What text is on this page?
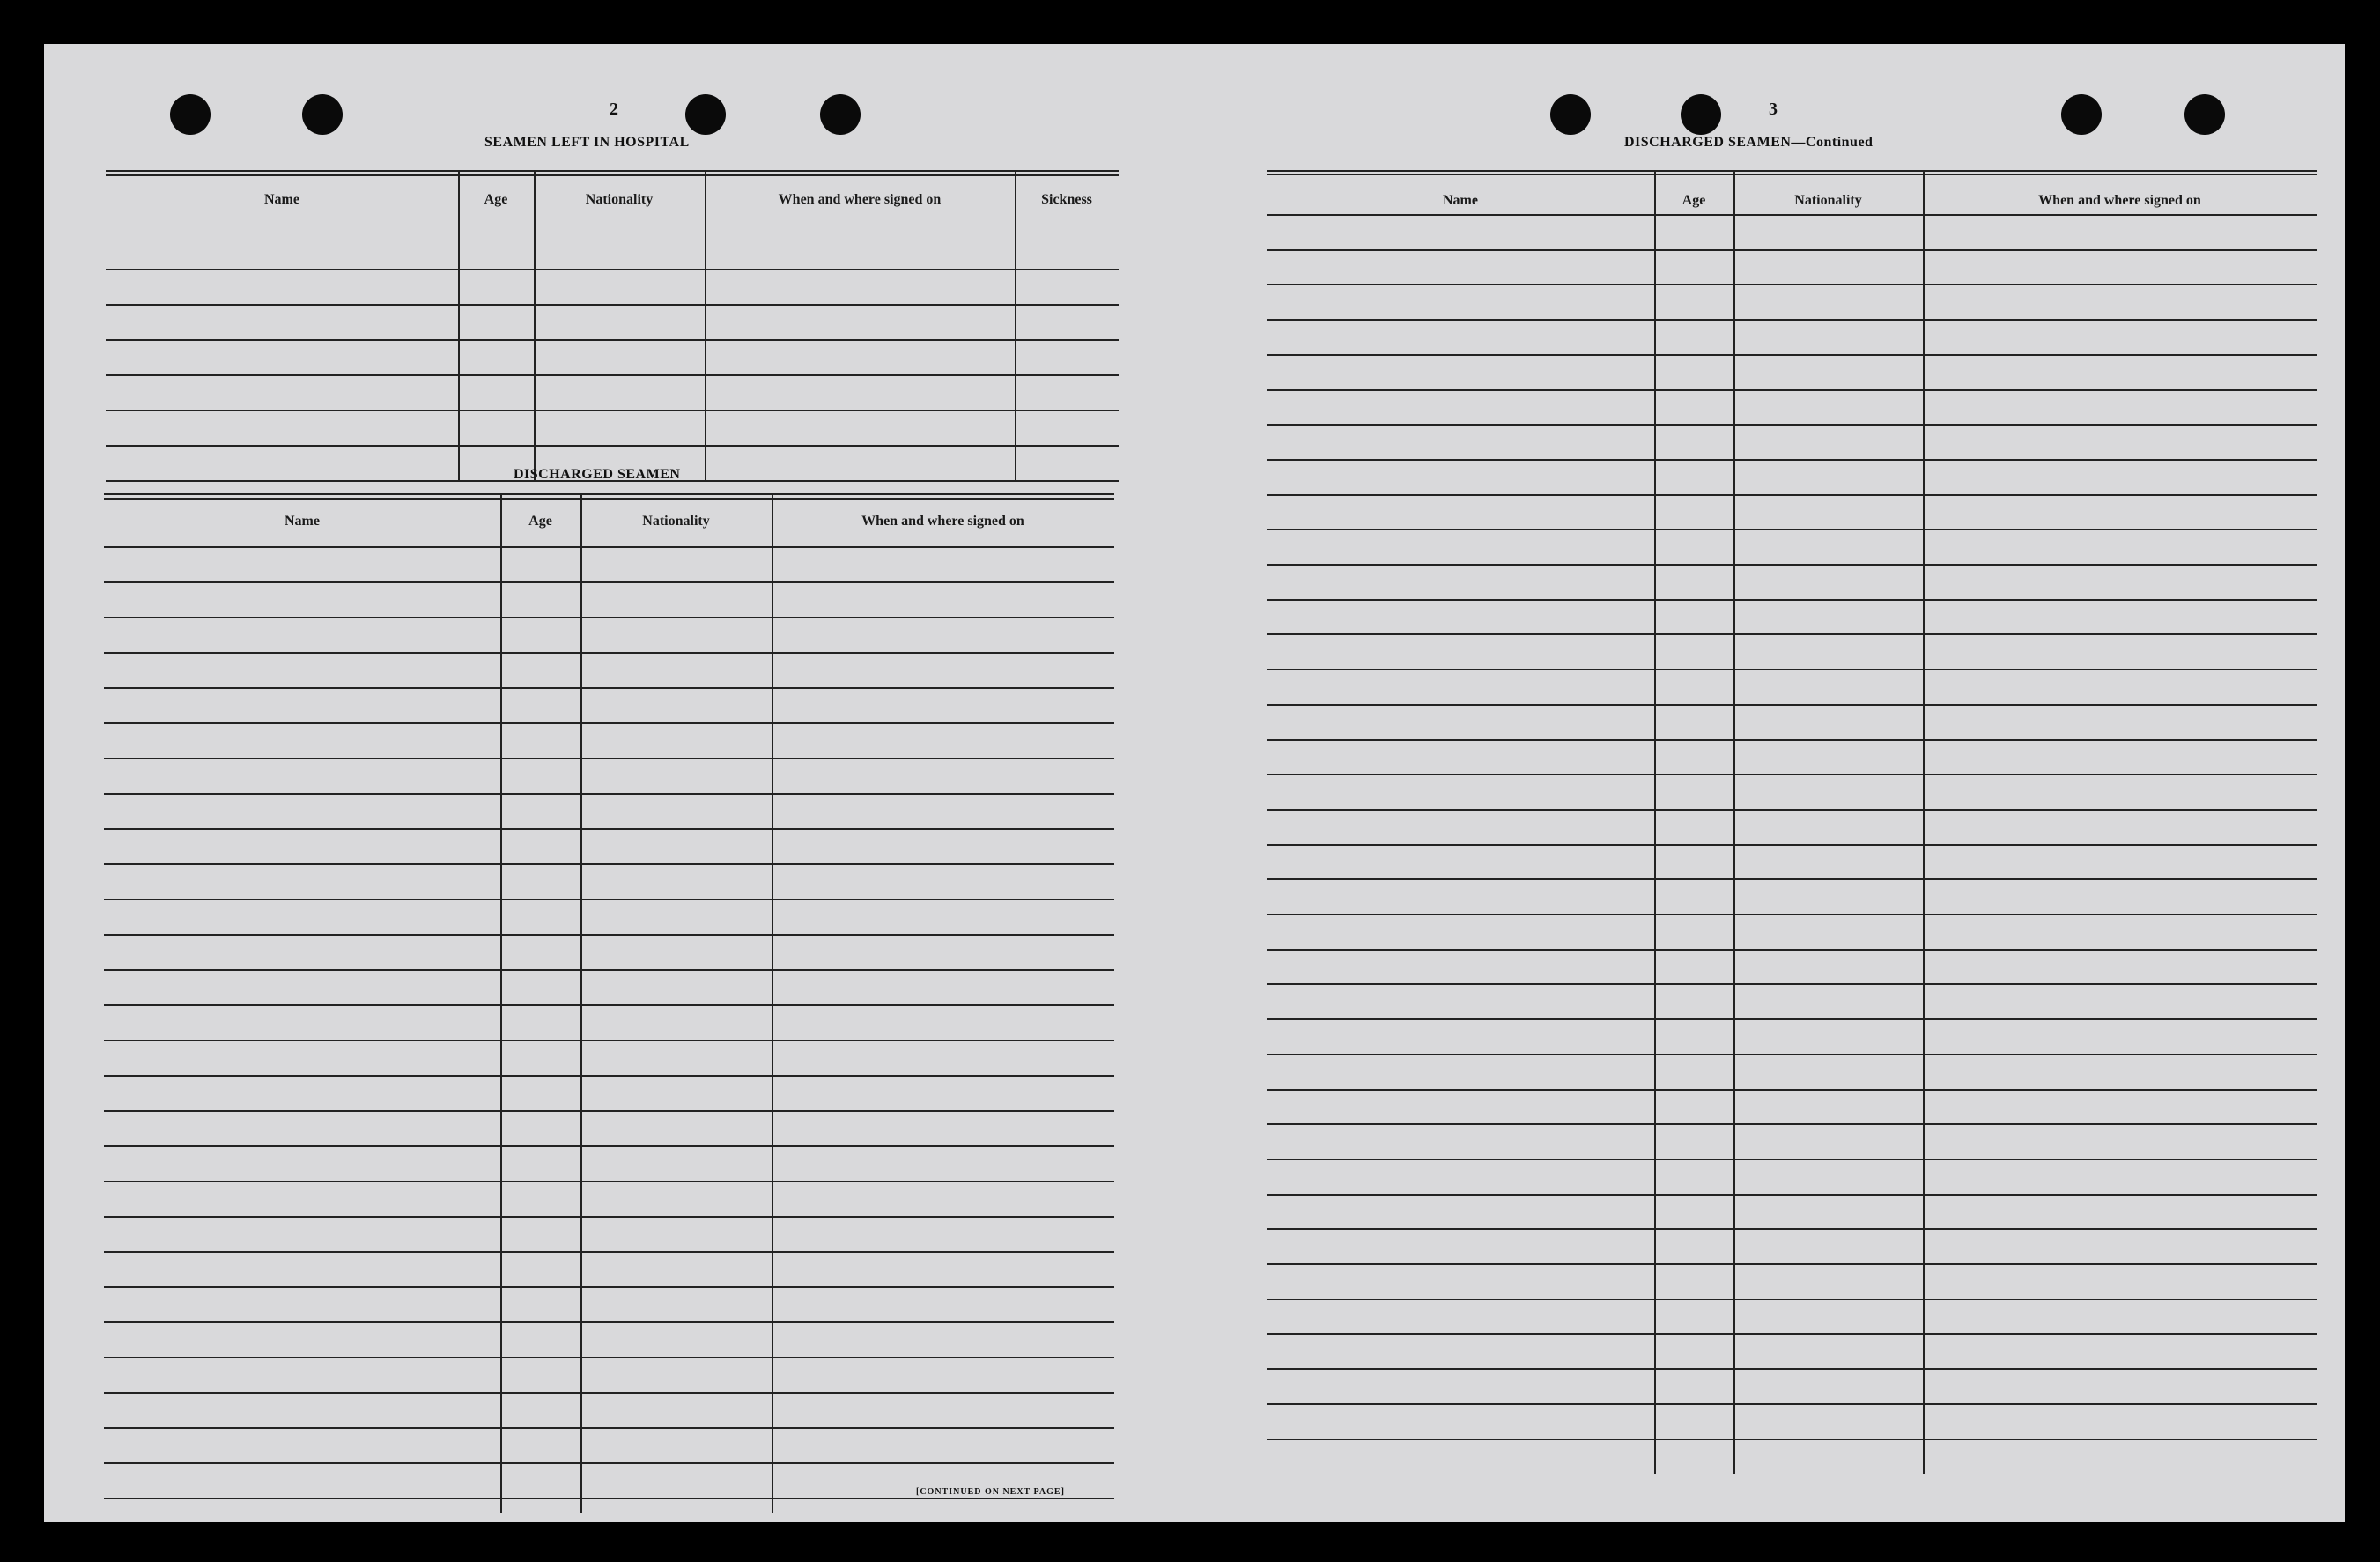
2
SEAMEN LEFT IN HOSPITAL
Name	Age	Nationality	When and where signed on	Sickness
DISCHARGED SEAMEN
Name	Age	Nationality	When and where signed on
[CONTINUED ON NEXT PAGE]
3
DISCHARGED SEAMEN—Continued
Name	Age	Nationality	When and where signed on
